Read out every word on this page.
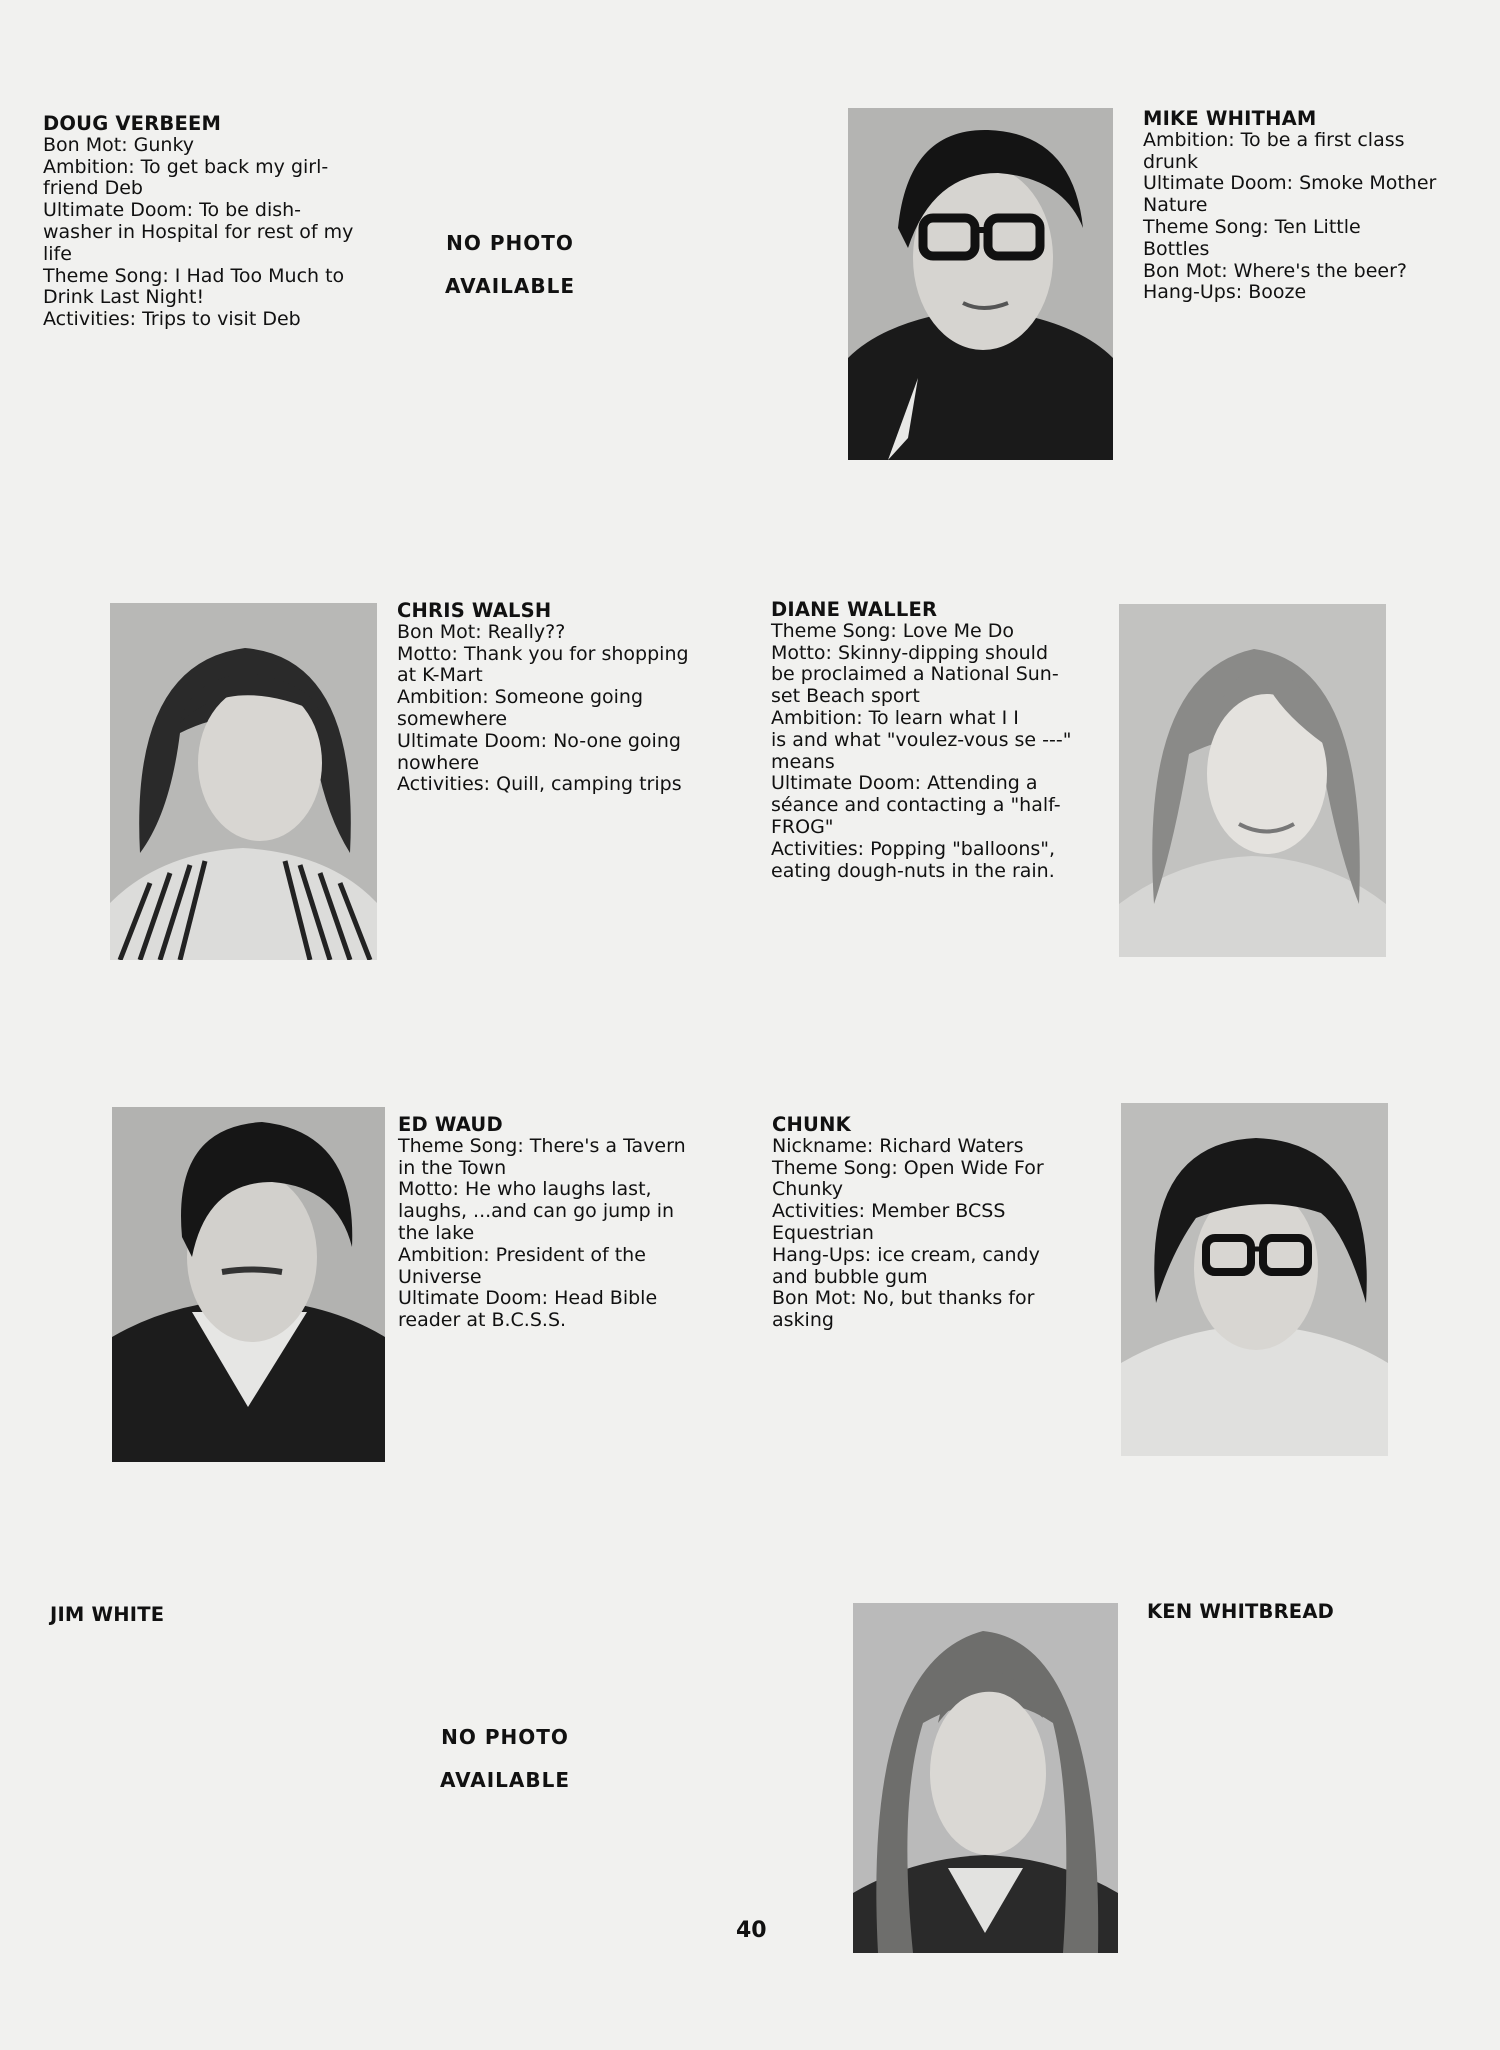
DOUG VERBEEM
Bon Mot: Gunky
Ambition: To get back my girl-
friend Deb
Ultimate Doom: To be dish-
washer in Hospital for rest of my
life
Theme Song: I Had Too Much to
Drink Last Night!
Activities: Trips to visit Deb
NO PHOTO
AVAILABLE
MIKE WHITHAM
Ambition: To be a first class
drunk
Ultimate Doom: Smoke Mother
Nature
Theme Song: Ten Little
Bottles
Bon Mot: Where's the beer?
Hang-Ups: Booze
CHRIS WALSH
Bon Mot: Really??
Motto: Thank you for shopping
at K-Mart
Ambition: Someone going
somewhere
Ultimate Doom: No-one going
nowhere
Activities: Quill, camping trips
DIANE WALLER
Theme Song: Love Me Do
Motto: Skinny-dipping should
be proclaimed a National Sun-
set Beach sport
Ambition: To learn what I I
is and what "voulez-vous se ---"
means
Ultimate Doom: Attending a
séance and contacting a "half-
FROG"
Activities: Popping "balloons",
eating dough-nuts in the rain.
ED WAUD
Theme Song: There's a Tavern
in the Town
Motto: He who laughs last,
laughs, ...and can go jump in
the lake
Ambition: President of the
Universe
Ultimate Doom: Head Bible
reader at B.C.S.S.
CHUNK
Nickname: Richard Waters
Theme Song: Open Wide For
Chunky
Activities: Member BCSS
Equestrian
Hang-Ups: ice cream, candy
and bubble gum
Bon Mot: No, but thanks for
asking
JIM WHITE
NO PHOTO
AVAILABLE
KEN WHITBREAD
40
